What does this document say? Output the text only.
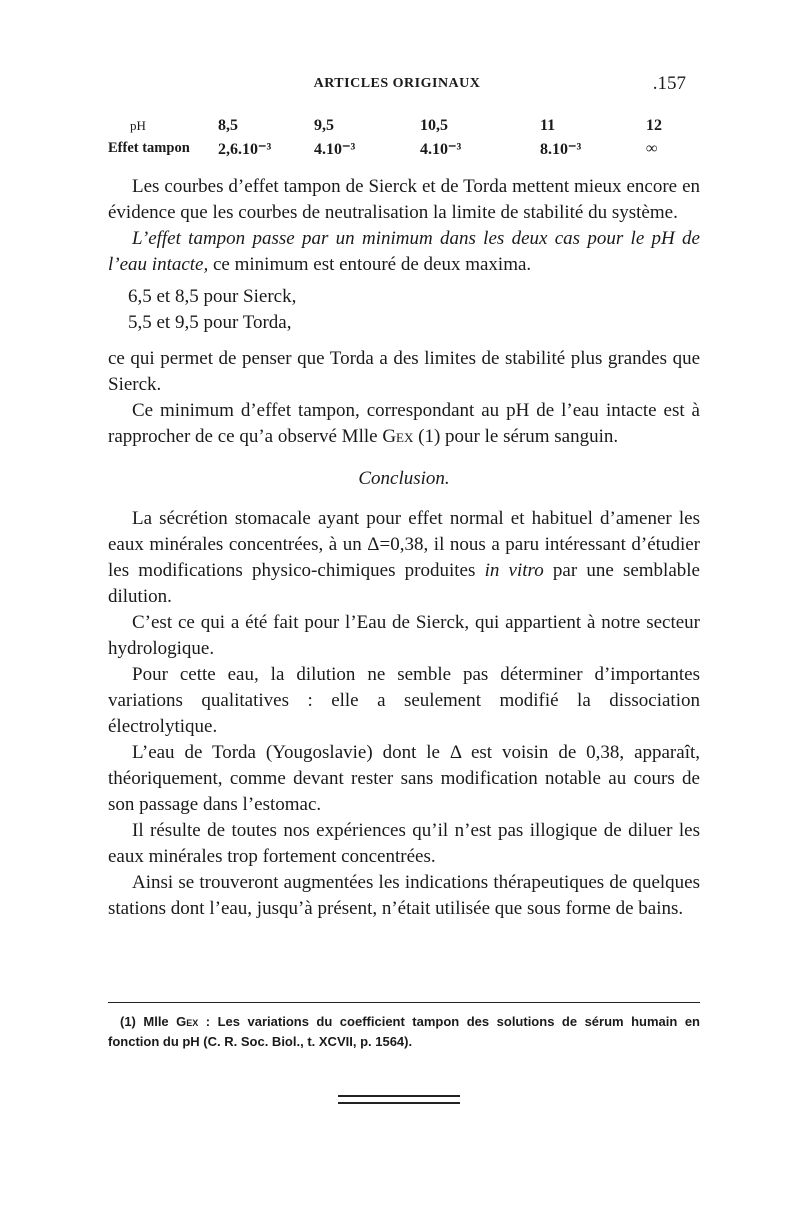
ARTICLES ORIGINAUX	.157
pH	8,5	9,5	10,5	11	12
Effet tampon	2,6.10⁻³	4.10⁻³	4.10⁻³	8.10⁻³	∞

Les courbes d’effet tampon de Sierck et de Torda mettent mieux encore en évidence que les courbes de neutralisation la limite de stabilité du système.

L’effet tampon passe par un minimum dans les deux cas pour le pH de l’eau intacte, ce minimum est entouré de deux maxima.

6,5 et 8,5 pour Sierck,
5,5 et 9,5 pour Torda,

ce qui permet de penser que Torda a des limites de stabilité plus grandes que Sierck.

Ce minimum d’effet tampon, correspondant au pH de l’eau intacte est à rapprocher de ce qu’a observé Mlle Gex (1) pour le sérum sanguin.

Conclusion.

La sécrétion stomacale ayant pour effet normal et habituel d’amener les eaux minérales concentrées, à un Δ=0,38, il nous a paru intéressant d’étudier les modifications physico-chimiques produites in vitro par une semblable dilution.

C’est ce qui a été fait pour l’Eau de Sierck, qui appartient à notre secteur hydrologique.

Pour cette eau, la dilution ne semble pas déterminer d’importantes variations qualitatives : elle a seulement modifié la dissociation électrolytique.

L’eau de Torda (Yougoslavie) dont le Δ est voisin de 0,38, apparaît, théoriquement, comme devant rester sans modification notable au cours de son passage dans l’estomac.

Il résulte de toutes nos expériences qu’il n’est pas illogique de diluer les eaux minérales trop fortement concentrées.

Ainsi se trouveront augmentées les indications thérapeutiques de quelques stations dont l’eau, jusqu’à présent, n’était utilisée que sous forme de bains.

(1) Mlle Gex : Les variations du coefficient tampon des solutions de sérum humain en fonction du pH (C. R. Soc. Biol., t. XCVII, p. 1564).
